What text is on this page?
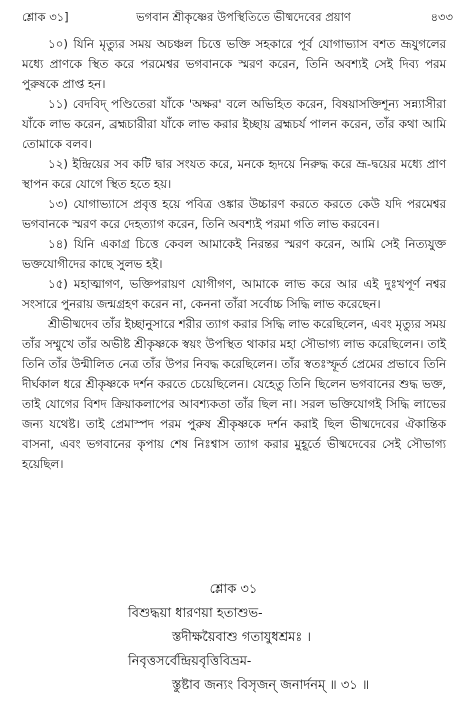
শ্লোক ৩১]	ভগবান শ্রীকৃষ্ণের উপস্থিতিতে ভীষ্মদেবের প্রয়াণ	৪৩৩

১০) যিনি মৃত্যুর সময় অচঞ্চল চিত্তে ভক্তি সহকারে পূর্ব যোগাভ্যাস বশত ভ্রূযুগলের মধ্যে প্রাণকে স্থিত করে পরমেশ্বর ভগবানকে স্মরণ করেন, তিনি অবশ্যই সেই দিব্য পরম পুরুষকে প্রাপ্ত হন।

১১) বেদবিদ্ পণ্ডিতেরা যাঁকে 'অক্ষর' বলে অভিহিত করেন, বিষয়াসক্তিশূন্য সন্ন্যাসীরা যাঁকে লাভ করেন, ব্রহ্মচারীরা যাঁকে লাভ করার ইচ্ছায় ব্রহ্মচর্য পালন করেন, তাঁর কথা আমি তোমাকে বলব।

১২) ইন্দ্রিয়ের সব কটি দ্বার সংযত করে, মনকে হৃদয়ে নিরুদ্ধ করে ভ্রূ-দ্বয়ের মধ্যে প্রাণ স্থাপন করে যোগে স্থিত হতে হয়।

১৩) যোগাভ্যাসে প্রবৃত্ত হয়ে পবিত্র ওঙ্কার উচ্চারণ করতে করতে কেউ যদি পরমেশ্বর ভগবানকে স্মরণ করে দেহত্যাগ করেন, তিনি অবশ্যই পরমা গতি লাভ করবেন।

১৪) যিনি একাগ্র চিত্তে কেবল আমাকেই নিরন্তর স্মরণ করেন, আমি সেই নিত্যযুক্ত ভক্তযোগীদের কাছে সুলভ হই।

১৫) মহাত্মাগণ, ভক্তিপরায়ণ যোগীগণ, আমাকে লাভ করে আর এই দুঃখপূর্ণ নশ্বর সংসারে পুনরায় জন্মগ্রহণ করেন না, কেননা তাঁরা সর্বোচ্চ সিদ্ধি লাভ করেছেন।

শ্রীভীষ্মদেব তাঁর ইচ্ছানুসারে শরীর ত্যাগ করার সিদ্ধি লাভ করেছিলেন, এবং মৃত্যুর সময় তাঁর সম্মুখে তাঁর অভীষ্ট শ্রীকৃষ্ণকে স্বয়ং উপস্থিত থাকার মহা সৌভাগ্য লাভ করেছিলেন। তাই তিনি তাঁর উন্মীলিত নেত্র তাঁর উপর নিবদ্ধ করেছিলেন। তাঁর স্বতঃস্ফূর্ত প্রেমের প্রভাবে তিনি দীর্ঘকাল ধরে শ্রীকৃষ্ণকে দর্শন করতে চেয়েছিলেন। যেহেতু তিনি ছিলেন ভগবানের শুদ্ধ ভক্ত, তাই যোগের বিশদ ক্রিয়াকলাপের আবশ্যকতা তাঁর ছিল না। সরল ভক্তিযোগই সিদ্ধি লাভের জন্য যথেষ্ট। তাই প্রেমাস্পদ পরম পুরুষ শ্রীকৃষ্ণকে দর্শন করাই ছিল ভীষ্মদেবের ঐকান্তিক বাসনা, এবং ভগবানের কৃপায় শেষ নিঃশ্বাস ত্যাগ করার মুহূর্তে ভীষ্মদেবের সেই সৌভাগ্য হয়েছিল।

শ্লোক ৩১
বিশুদ্ধয়া ধারণয়া হতাশুভ-
স্তদীক্ষয়ৈবাশু গতাযুধশ্রমঃ ।
নিবৃত্তসর্বেন্দ্রিয়বৃত্তিবিভ্রম-
স্তুষ্টাব জন্যং বিসৃজন্ জনার্দনম্ ॥ ৩১ ॥
